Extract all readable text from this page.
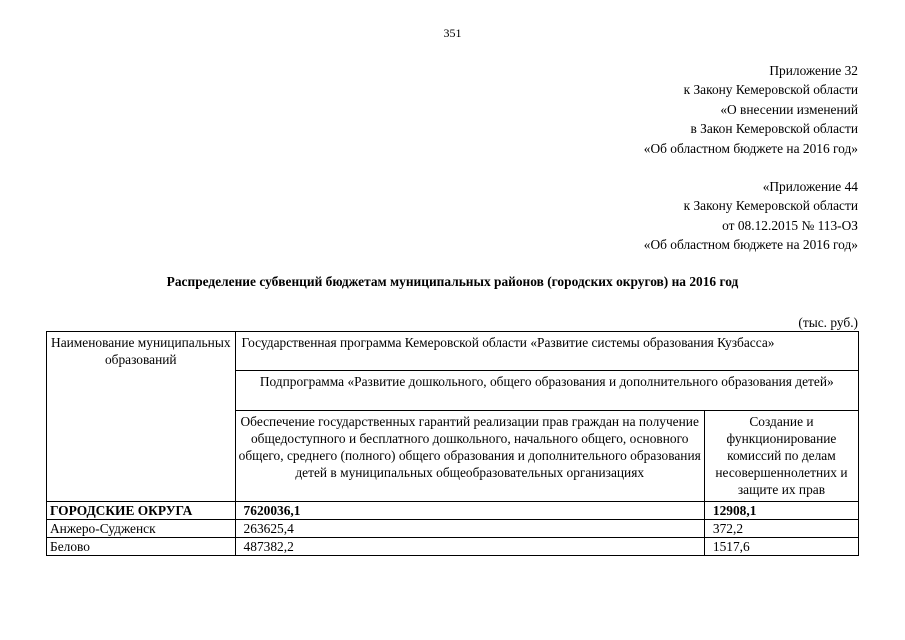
351
Приложение 32
к Закону Кемеровской области
«О внесении изменений
в Закон Кемеровской области
«Об областном бюджете на 2016 год»
«Приложение 44
к Закону Кемеровской области
от 08.12.2015 № 113-ОЗ
«Об областном бюджете на 2016 год»
Распределение субвенций бюджетам муниципальных районов (городских округов) на 2016 год
(тыс. руб.)
Наименование муниципальных образований	Государственная программа Кемеровской области «Развитие системы образования Кузбасса»	
	Подпрограмма «Развитие дошкольного, общего образования и дополнительного образования детей»	
	Обеспечение государственных гарантий реализации прав граждан на получение общедоступного и бесплатного дошкольного, начального общего, основного общего, среднего (полного) общего образования и дополнительного образования детей в муниципальных общеобразовательных организациях	Создание и функционирование комиссий по делам несовершеннолетних и защите их прав
ГОРОДСКИЕ ОКРУГА	7620036,1	12908,1
Анжеро-Судженск	263625,4	372,2
Белово	487382,2	1517,6
